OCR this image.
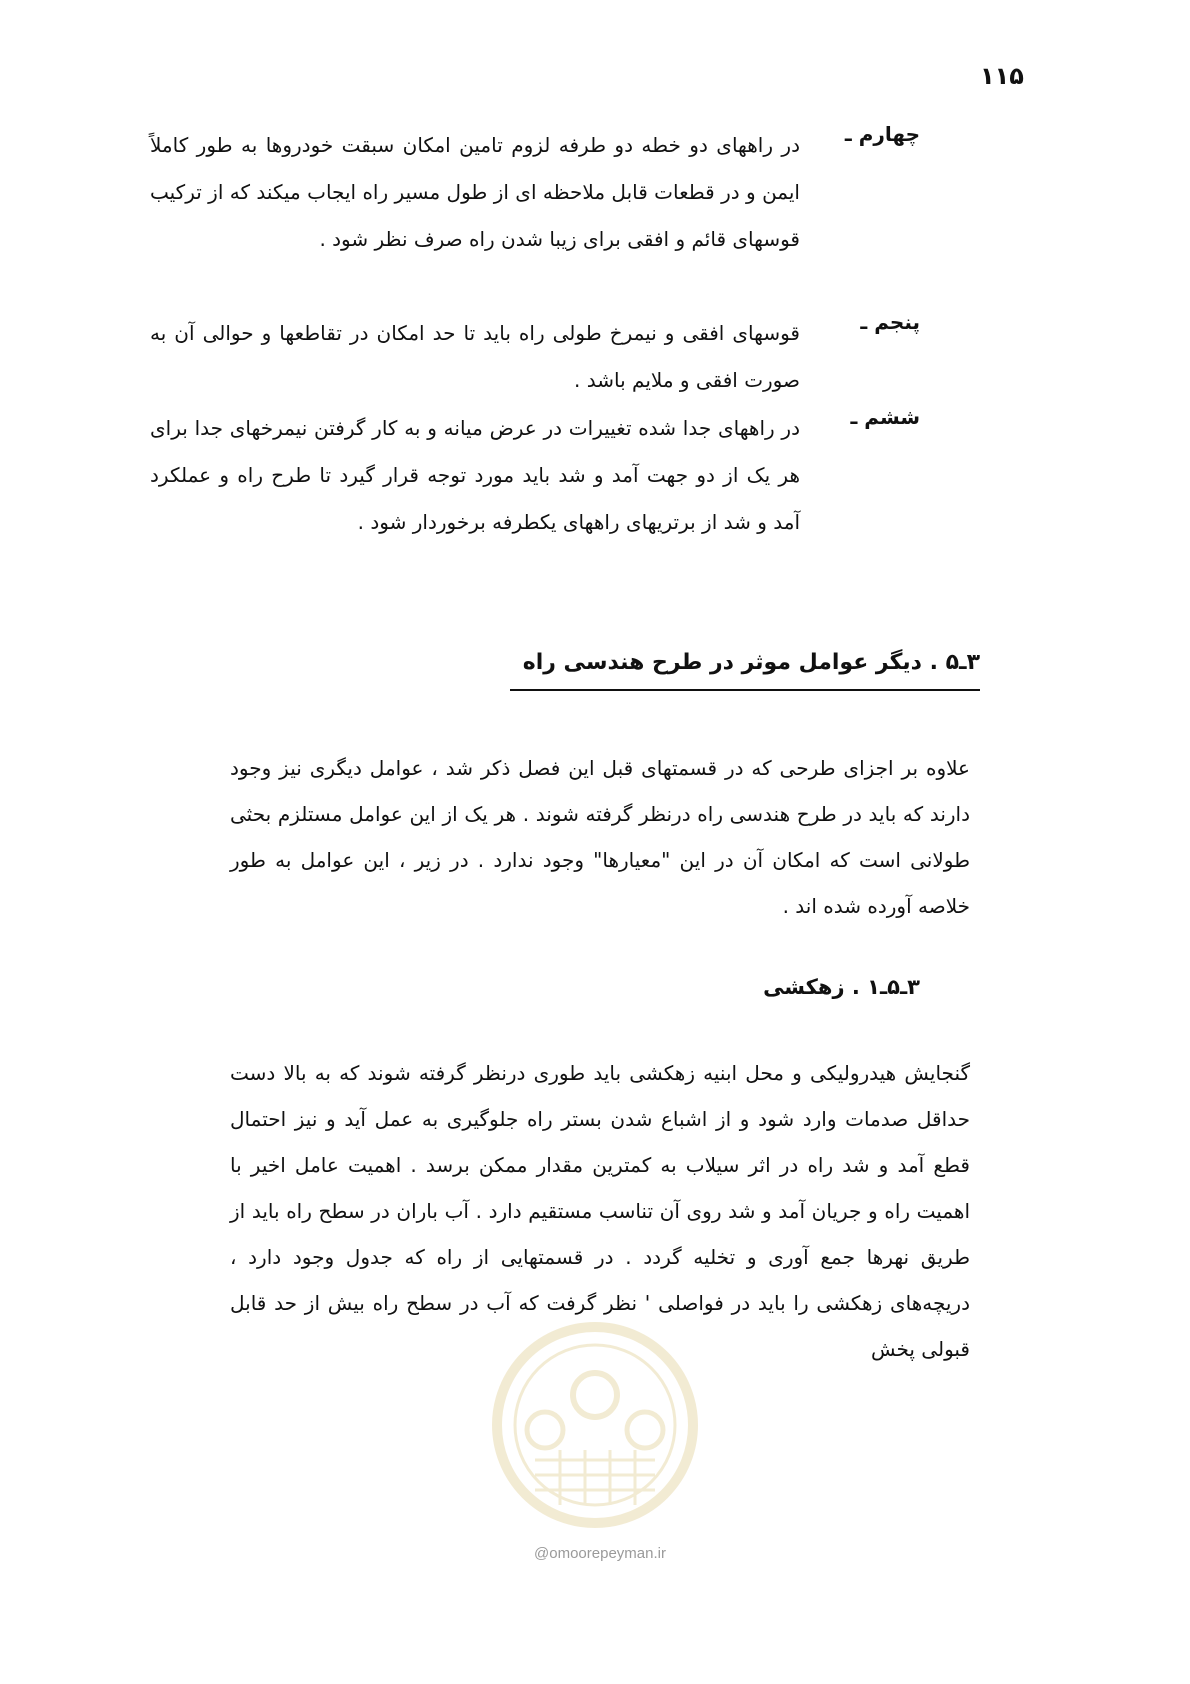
۱۱۵
چهارم ـ
در راههای دو خطه دو طرفه لزوم تامین امکان سبقت خودروها به طور کاملاً ایمن و در قطعات قابل ملاحظه ای از طول مسیر راه ایجاب میکند که از ترکیب قوسهای قائم و افقی برای زیبا شدن راه صرف نظر شود .
پنجم ـ
قوسهای افقی و نیمرخ طولی راه باید تا حد امکان در تقاطعها و حوالی آن به صورت افقی و ملایم باشد .
ششم ـ
در راههای جدا شده تغییرات در عرض میانه و به کار گرفتن نیمرخهای جدا برای هر یک از دو جهت آمد و شد باید مورد توجه قرار گیرد تا طرح راه و عملکرد آمد و شد از برتریهای راههای یکطرفه برخوردار شود .
۳ـ۵ . دیگر عوامل موثر در طرح هندسی راه
علاوه بر اجزای طرحی که در قسمتهای قبل این فصل ذکر شد ، عوامل دیگری نیز وجود دارند که باید در طرح هندسی راه درنظر گرفته شوند . هر یک از این عوامل مستلزم بحثی طولانی است که امکان آن در این "معیارها" وجود ندارد . در زیر ، این عوامل به طور خلاصه آورده شده اند .
۳ـ۵ـ۱ . زهکشی
گنجایش هیدرولیکی و محل ابنیه زهکشی باید طوری درنظر گرفته شوند که به بالا دست حداقل صدمات وارد شود و از اشباع شدن بستر راه جلوگیری به عمل آید و نیز احتمال قطع آمد و شد راه در اثر سیلاب به کمترین مقدار ممکن برسد . اهمیت عامل اخیر با اهمیت راه و جریان آمد و شد روی آن تناسب مستقیم دارد . آب باران در سطح راه باید از طریق نهرها جمع آوری و تخلیه گردد . در قسمتهایی از راه که جدول وجود دارد ، دریچه‌های زهکشی را باید در فواصلی ' نظر گرفت که آب در سطح راه بیش از حد قابل قبولی پخش
@omoorepeyman.ir
